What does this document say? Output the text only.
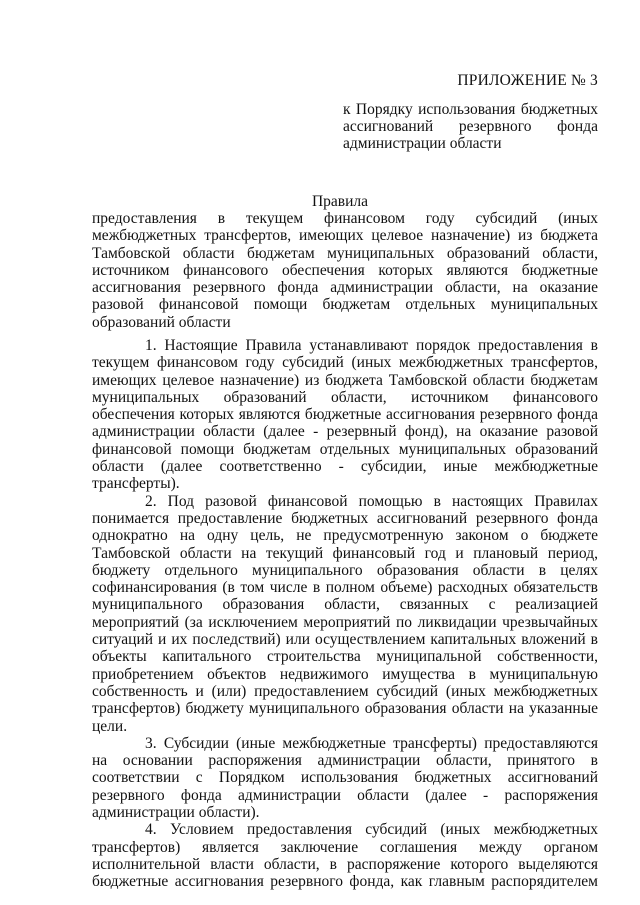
ПРИЛОЖЕНИЕ № 3
к Порядку использования бюджетных ассигнований резервного фонда администрации области
Правила
предоставления в текущем финансовом году субсидий (иных межбюджетных трансфертов, имеющих целевое назначение) из бюджета Тамбовской области бюджетам муниципальных образований области, источником финансового обеспечения которых являются бюджетные ассигнования резервного фонда администрации области, на оказание разовой финансовой помощи бюджетам отдельных муниципальных образований области

1. Настоящие Правила устанавливают порядок предоставления в текущем финансовом году субсидий (иных межбюджетных трансфертов, имеющих целевое назначение) из бюджета Тамбовской области бюджетам муниципальных образований области, источником финансового обеспечения которых являются бюджетные ассигнования резервного фонда администрации области (далее - резервный фонд), на оказание разовой финансовой помощи бюджетам отдельных муниципальных образований области (далее соответственно - субсидии, иные межбюджетные трансферты).

2. Под разовой финансовой помощью в настоящих Правилах понимается предоставление бюджетных ассигнований резервного фонда однократно на одну цель, не предусмотренную законом о бюджете Тамбовской области на текущий финансовый год и плановый период, бюджету отдельного муниципального образования области в целях софинансирования (в том числе в полном объеме) расходных обязательств муниципального образования области, связанных с реализацией мероприятий (за исключением мероприятий по ликвидации чрезвычайных ситуаций и их последствий) или осуществлением капитальных вложений в объекты капитального строительства муниципальной собственности, приобретением объектов недвижимого имущества в муниципальную собственность и (или) предоставлением субсидий (иных межбюджетных трансфертов) бюджету муниципального образования области на указанные цели.

3. Субсидии (иные межбюджетные трансферты) предоставляются на основании распоряжения администрации области, принятого в соответствии с Порядком использования бюджетных ассигнований резервного фонда администрации области (далее - распоряжения администрации области).

4. Условием предоставления субсидий (иных межбюджетных трансфертов) является заключение соглашения между органом исполнительной власти области, в распоряжение которого выделяются бюджетные ассигнования резервного фонда, как главным распорядителем
